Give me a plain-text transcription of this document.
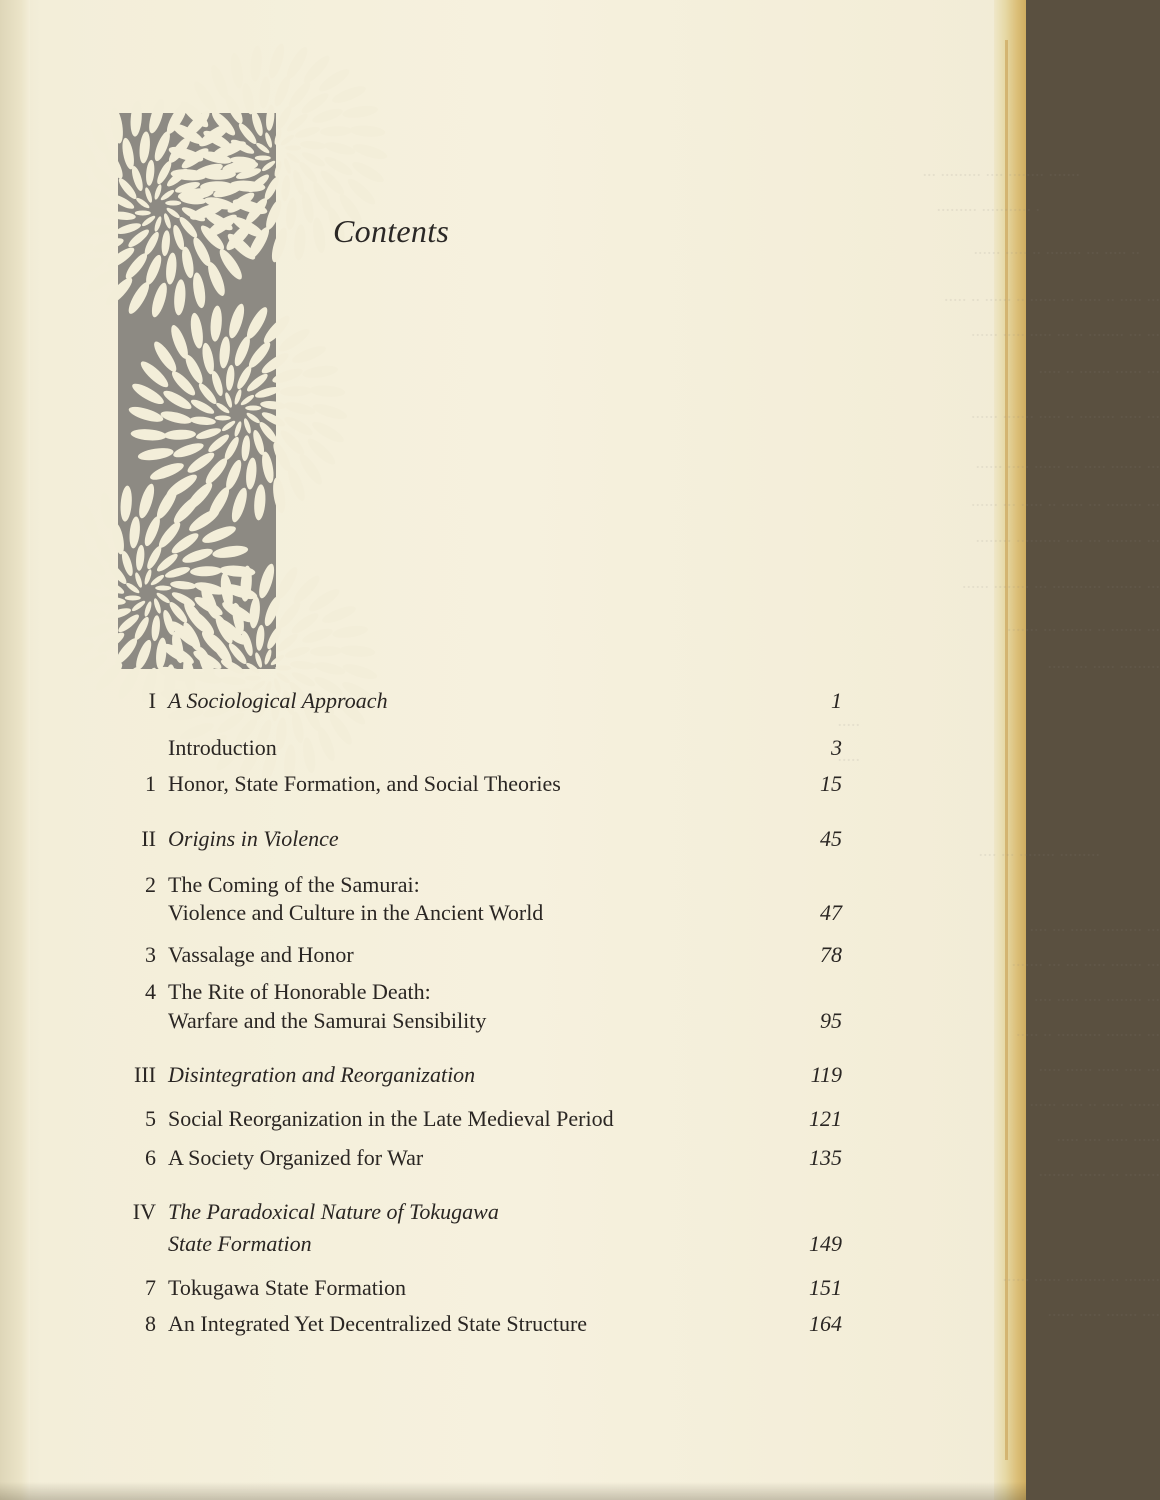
....... ........ ......... ...
. ........... .........
.. ..... ... ........ .. ..... ......
... ..... .. ..... ... ...... .. ...... .. .....
... ... ........ .. ... ..... ..... ......
... ...... ....... .. .....
... ..... ........ .. ..... ....... ......
... ....... ..... ... ...... ..... ......
... ........ ... ..... .. ..... ... ......
... ........ ... .... .......... ........
... ........ ........... ... ........ ......
... ....... .. ....... ... .......
......... ..... ... .....
.....
.....
......... ........ ... ....
... ......... ...... ... ....
... ....... ..... ... ... .......
... ........ .... ..... ....
... ........ .......... .. .....
... .... ..... ...... .....
....... ..... .. ..... ......
...... ..... .... .....
........ .. ...... ........
........ .. ......... ...... ......
.... ....... ..... ......
Contents
I A Sociological Approach	1
Introduction	3
1 Honor, State Formation, and Social Theories	15
II Origins in Violence	45
2 The Coming of the Samurai:
Violence and Culture in the Ancient World	47
3 Vassalage and Honor	78
4 The Rite of Honorable Death:
Warfare and the Samurai Sensibility	95
III Disintegration and Reorganization	119
5 Social Reorganization in the Late Medieval Period	121
6 A Society Organized for War	135
IV The Paradoxical Nature of Tokugawa
State Formation	149
7 Tokugawa State Formation	151
8 An Integrated Yet Decentralized State Structure	164
